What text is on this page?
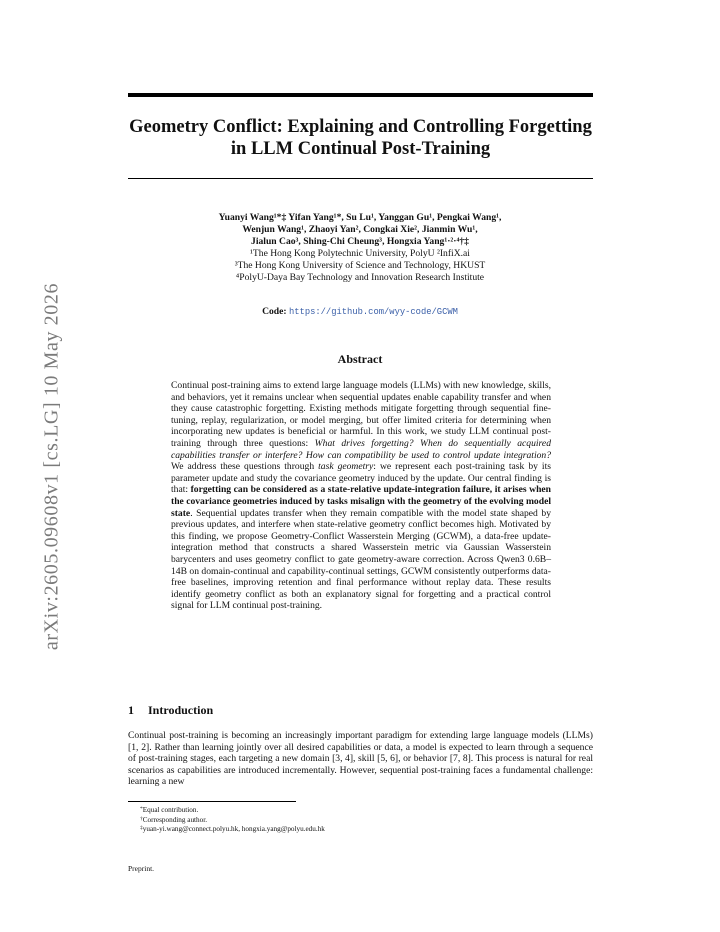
arXiv:2605.09608v1 [cs.LG] 10 May 2026
Geometry Conflict: Explaining and Controlling Forgetting in LLM Continual Post-Training
Yuanyi Wang¹*‡ Yifan Yang¹*, Su Lu¹, Yanggan Gu¹, Pengkai Wang¹,
Wenjun Wang¹, Zhaoyi Yan², Congkai Xie², Jianmin Wu¹,
Jialun Cao³, Shing-Chi Cheung³, Hongxia Yang¹·²·⁴†‡
¹The Hong Kong Polytechnic University, PolyU ²InfiX.ai
³The Hong Kong University of Science and Technology, HKUST
⁴PolyU-Daya Bay Technology and Innovation Research Institute
Code: https://github.com/wyy-code/GCWM
Abstract

Continual post-training aims to extend large language models (LLMs) with new knowledge, skills, and behaviors, yet it remains unclear when sequential updates enable capability transfer and when they cause catastrophic forgetting. Existing methods mitigate forgetting through sequential fine-tuning, replay, regularization, or model merging, but offer limited criteria for determining when incorporating new updates is beneficial or harmful. In this work, we study LLM continual post-training through three questions: What drives forgetting? When do sequentially acquired capabilities transfer or interfere? How can compatibility be used to control update integration? We address these questions through task geometry: we represent each post-training task by its parameter update and study the covariance geometry induced by the update. Our central finding is that: forgetting can be considered as a state-relative update-integration failure, it arises when the covariance geometries induced by tasks misalign with the geometry of the evolving model state. Sequential updates transfer when they remain compatible with the model state shaped by previous updates, and interfere when state-relative geometry conflict becomes high. Motivated by this finding, we propose Geometry-Conflict Wasserstein Merging (GCWM), a data-free update-integration method that constructs a shared Wasserstein metric via Gaussian Wasserstein barycenters and uses geometry conflict to gate geometry-aware correction. Across Qwen3 0.6B–14B on domain-continual and capability-continual settings, GCWM consistently outperforms data-free baselines, improving retention and final performance without replay data. These results identify geometry conflict as both an explanatory signal for forgetting and a practical control signal for LLM continual post-training.

1 Introduction

Continual post-training is becoming an increasingly important paradigm for extending large language models (LLMs) [1, 2]. Rather than learning jointly over all desired capabilities or data, a model is expected to learn through a sequence of post-training stages, each targeting a new domain [3, 4], skill [5, 6], or behavior [7, 8]. This process is natural for real scenarios as capabilities are introduced incrementally. However, sequential post-training faces a fundamental challenge: learning a new

*Equal contribution.
†Corresponding author.
‡yuan-yi.wang@connect.polyu.hk, hongxia.yang@polyu.edu.hk
Preprint.
